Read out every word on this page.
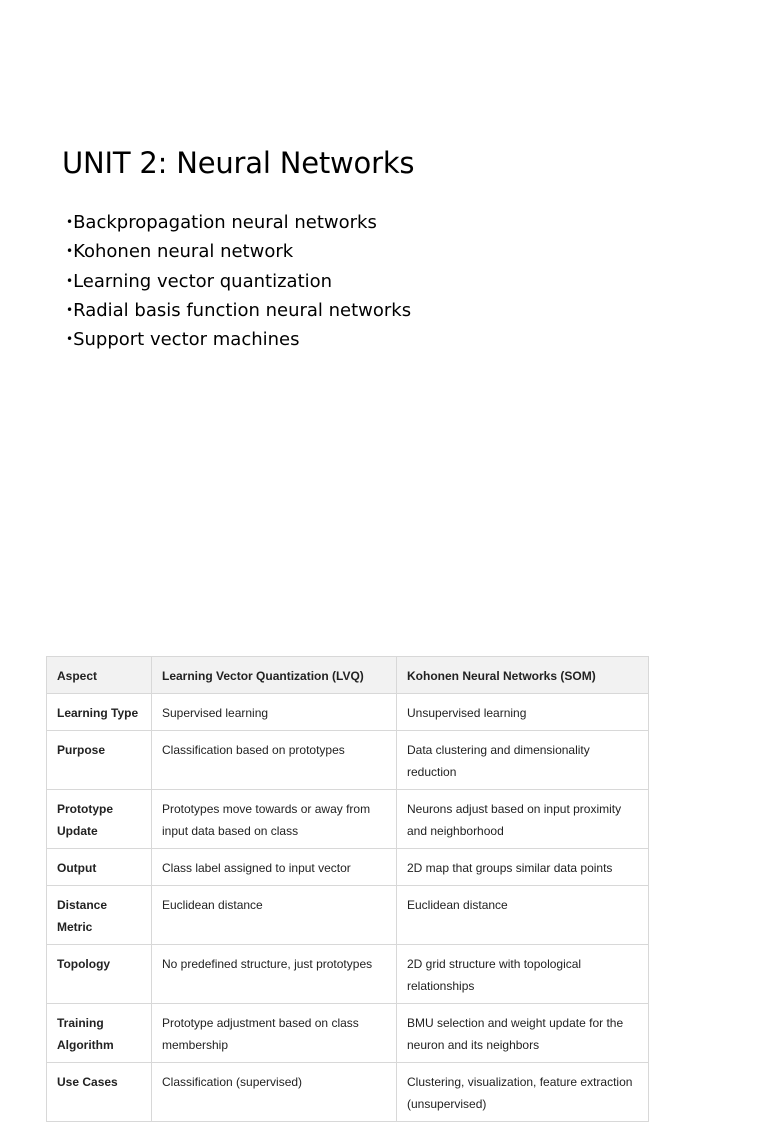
UNIT 2: Neural Networks
•Backpropagation neural networks
•Kohonen neural network
•Learning vector quantization
•Radial basis function neural networks
•Support vector machines
Aspect	Learning Vector Quantization (LVQ)	Kohonen Neural Networks (SOM)
Learning Type	Supervised learning	Unsupervised learning
Purpose	Classification based on prototypes	Data clustering and dimensionality reduction
Prototype Update	Prototypes move towards or away from input data based on class	Neurons adjust based on input proximity and neighborhood
Output	Class label assigned to input vector	2D map that groups similar data points
Distance Metric	Euclidean distance	Euclidean distance
Topology	No predefined structure, just prototypes	2D grid structure with topological relationships
Training Algorithm	Prototype adjustment based on class membership	BMU selection and weight update for the neuron and its neighbors
Use Cases	Classification (supervised)	Clustering, visualization, feature extraction (unsupervised)
